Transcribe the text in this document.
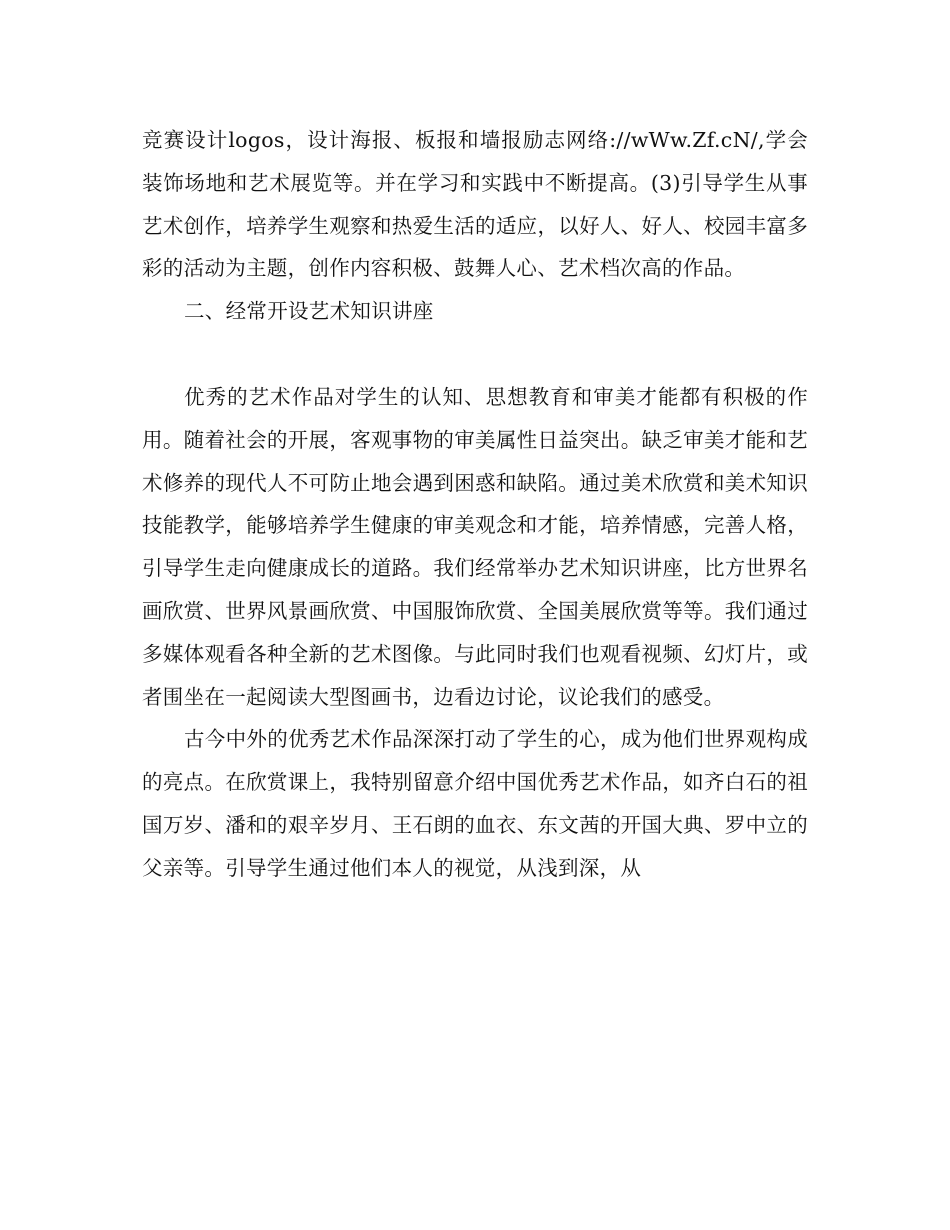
竞赛设计logos，设计海报、板报和墙报励志网络://wWw.Zf.cN/,学会装饰场地和艺术展览等。并在学习和实践中不断提高。(3)引导学生从事艺术创作，培养学生观察和热爱生活的适应，以好人、好人、校园丰富多彩的活动为主题，创作内容积极、鼓舞人心、艺术档次高的作品。

二、经常开设艺术知识讲座

优秀的艺术作品对学生的认知、思想教育和审美才能都有积极的作用。随着社会的开展，客观事物的审美属性日益突出。缺乏审美才能和艺术修养的现代人不可防止地会遇到困惑和缺陷。通过美术欣赏和美术知识技能教学，能够培养学生健康的审美观念和才能，培养情感，完善人格，引导学生走向健康成长的道路。我们经常举办艺术知识讲座，比方世界名画欣赏、世界风景画欣赏、中国服饰欣赏、全国美展欣赏等等。我们通过多媒体观看各种全新的艺术图像。与此同时我们也观看视频、幻灯片，或者围坐在一起阅读大型图画书，边看边讨论，议论我们的感受。

古今中外的优秀艺术作品深深打动了学生的心，成为他们世界观构成的亮点。在欣赏课上，我特别留意介绍中国优秀艺术作品，如齐白石的祖国万岁、潘和的艰辛岁月、王石朗的血衣、东文茜的开国大典、罗中立的父亲等。引导学生通过他们本人的视觉，从浅到深，从
